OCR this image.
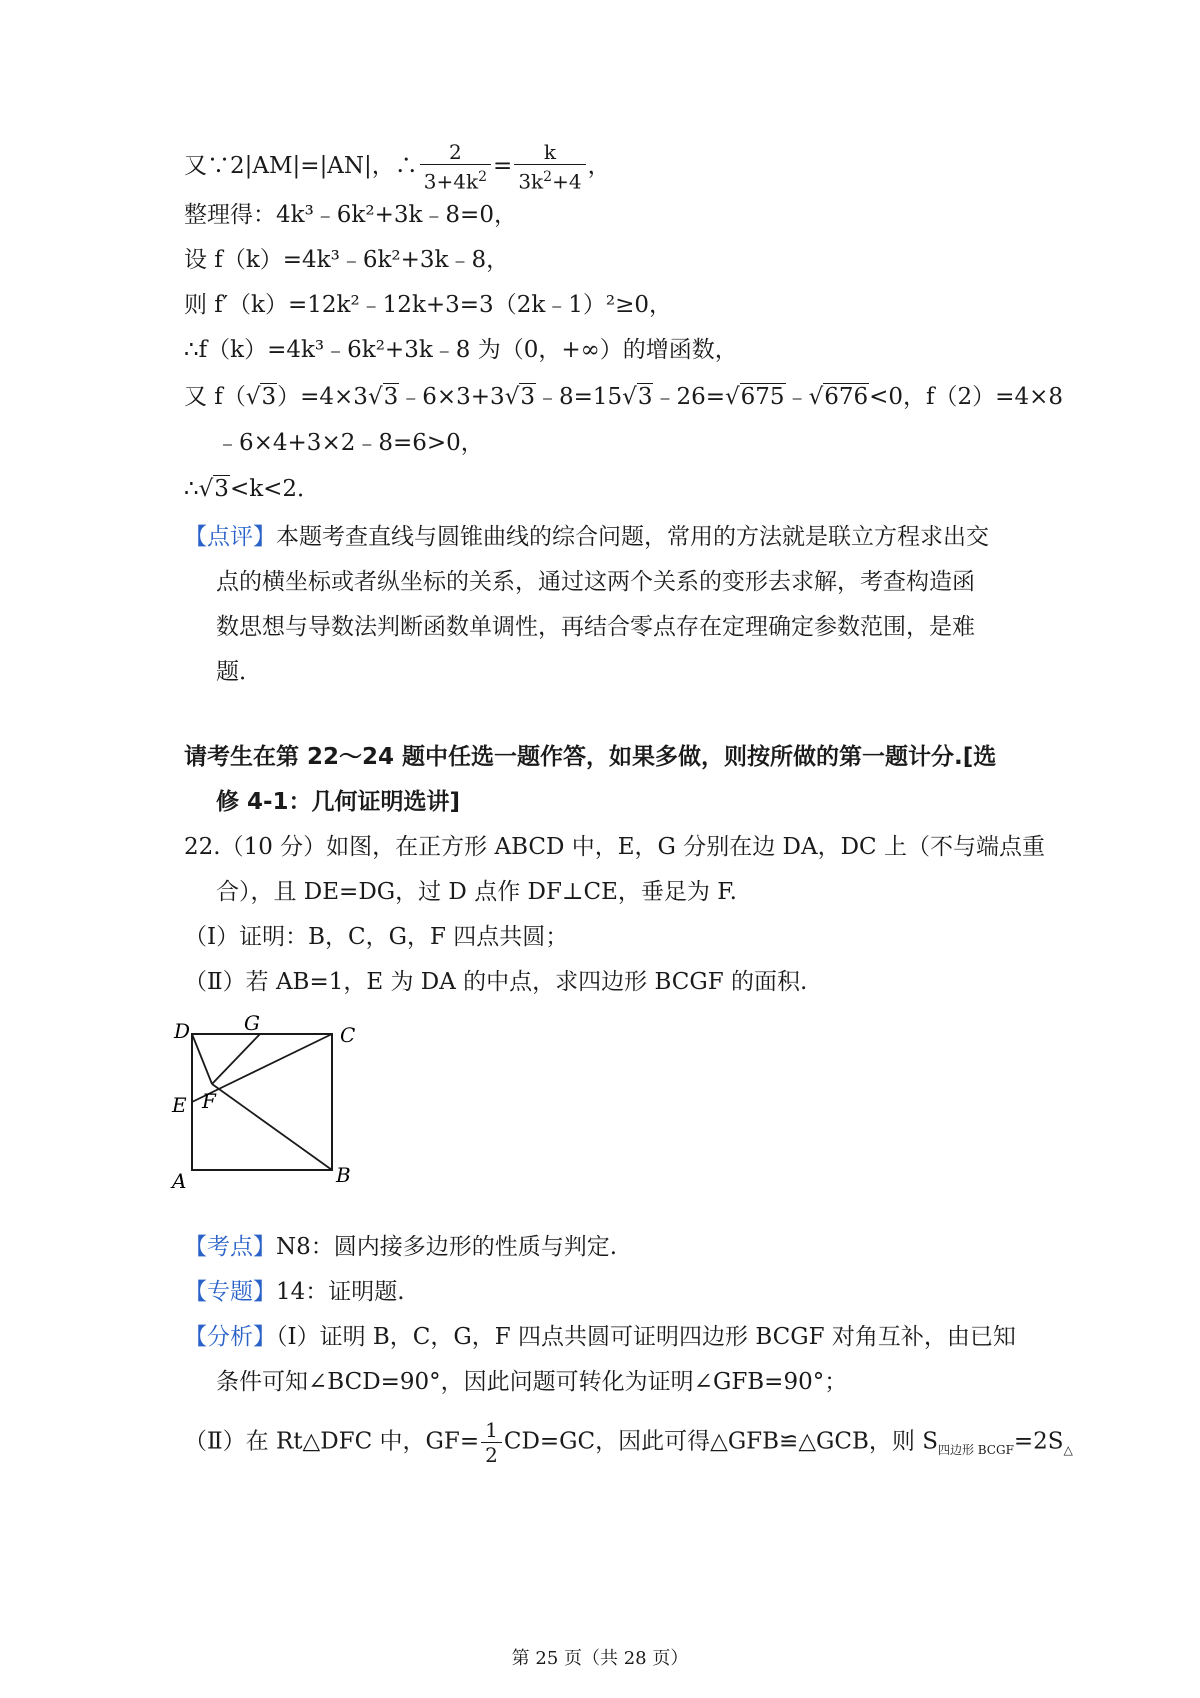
又∵2|AM|=|AN|，∴ $\frac{2}{3+4k^2} = \frac{k}{3k^2+4}$ ，
整理得：4k³﹣6k²+3k﹣8=0，
设 f（k）=4k³﹣6k²+3k﹣8，
则 f′（k）=12k²﹣12k+3=3（2k﹣1）²≥0，
∴f（k）=4k³﹣6k²+3k﹣8 为（0，+∞）的增函数，
又 f（√3）=4×3√3﹣6×3+3√3﹣8=15√3﹣26=√675﹣√676<0，f（2）=4×8
﹣6×4+3×2﹣8=6>0，
∴√3<k<2．
【点评】本题考查直线与圆锥曲线的综合问题，常用的方法就是联立方程求出交
点的横坐标或者纵坐标的关系，通过这两个关系的变形去求解，考查构造函
数思想与导数法判断函数单调性，再结合零点存在定理确定参数范围，是难
题．
请考生在第 22～24 题中任选一题作答，如果多做，则按所做的第一题计分.[选
修 4-1：几何证明选讲]
22.（10 分）如图，在正方形 ABCD 中，E，G 分别在边 DA，DC 上（不与端点重
合），且 DE=DG，过 D 点作 DF⊥CE，垂足为 F.
（Ⅰ）证明：B，C，G，F 四点共圆；
（Ⅱ）若 AB=1，E 为 DA 的中点，求四边形 BCGF 的面积.
D	G	C
E F
A	B
【考点】N8：圆内接多边形的性质与判定.
【专题】14：证明题.
【分析】（Ⅰ）证明 B，C，G，F 四点共圆可证明四边形 BCGF 对角互补，由已知
条件可知∠BCD=90°，因此问题可转化为证明∠GFB=90°；
（Ⅱ）在 Rt△DFC 中，$GF= \frac{1}{2} CD=GC$，因此可得△GFB≌△GCB，则 $S_{四边形 BCGF}=2S_\triangle$
第 25 页（共 28 页）
